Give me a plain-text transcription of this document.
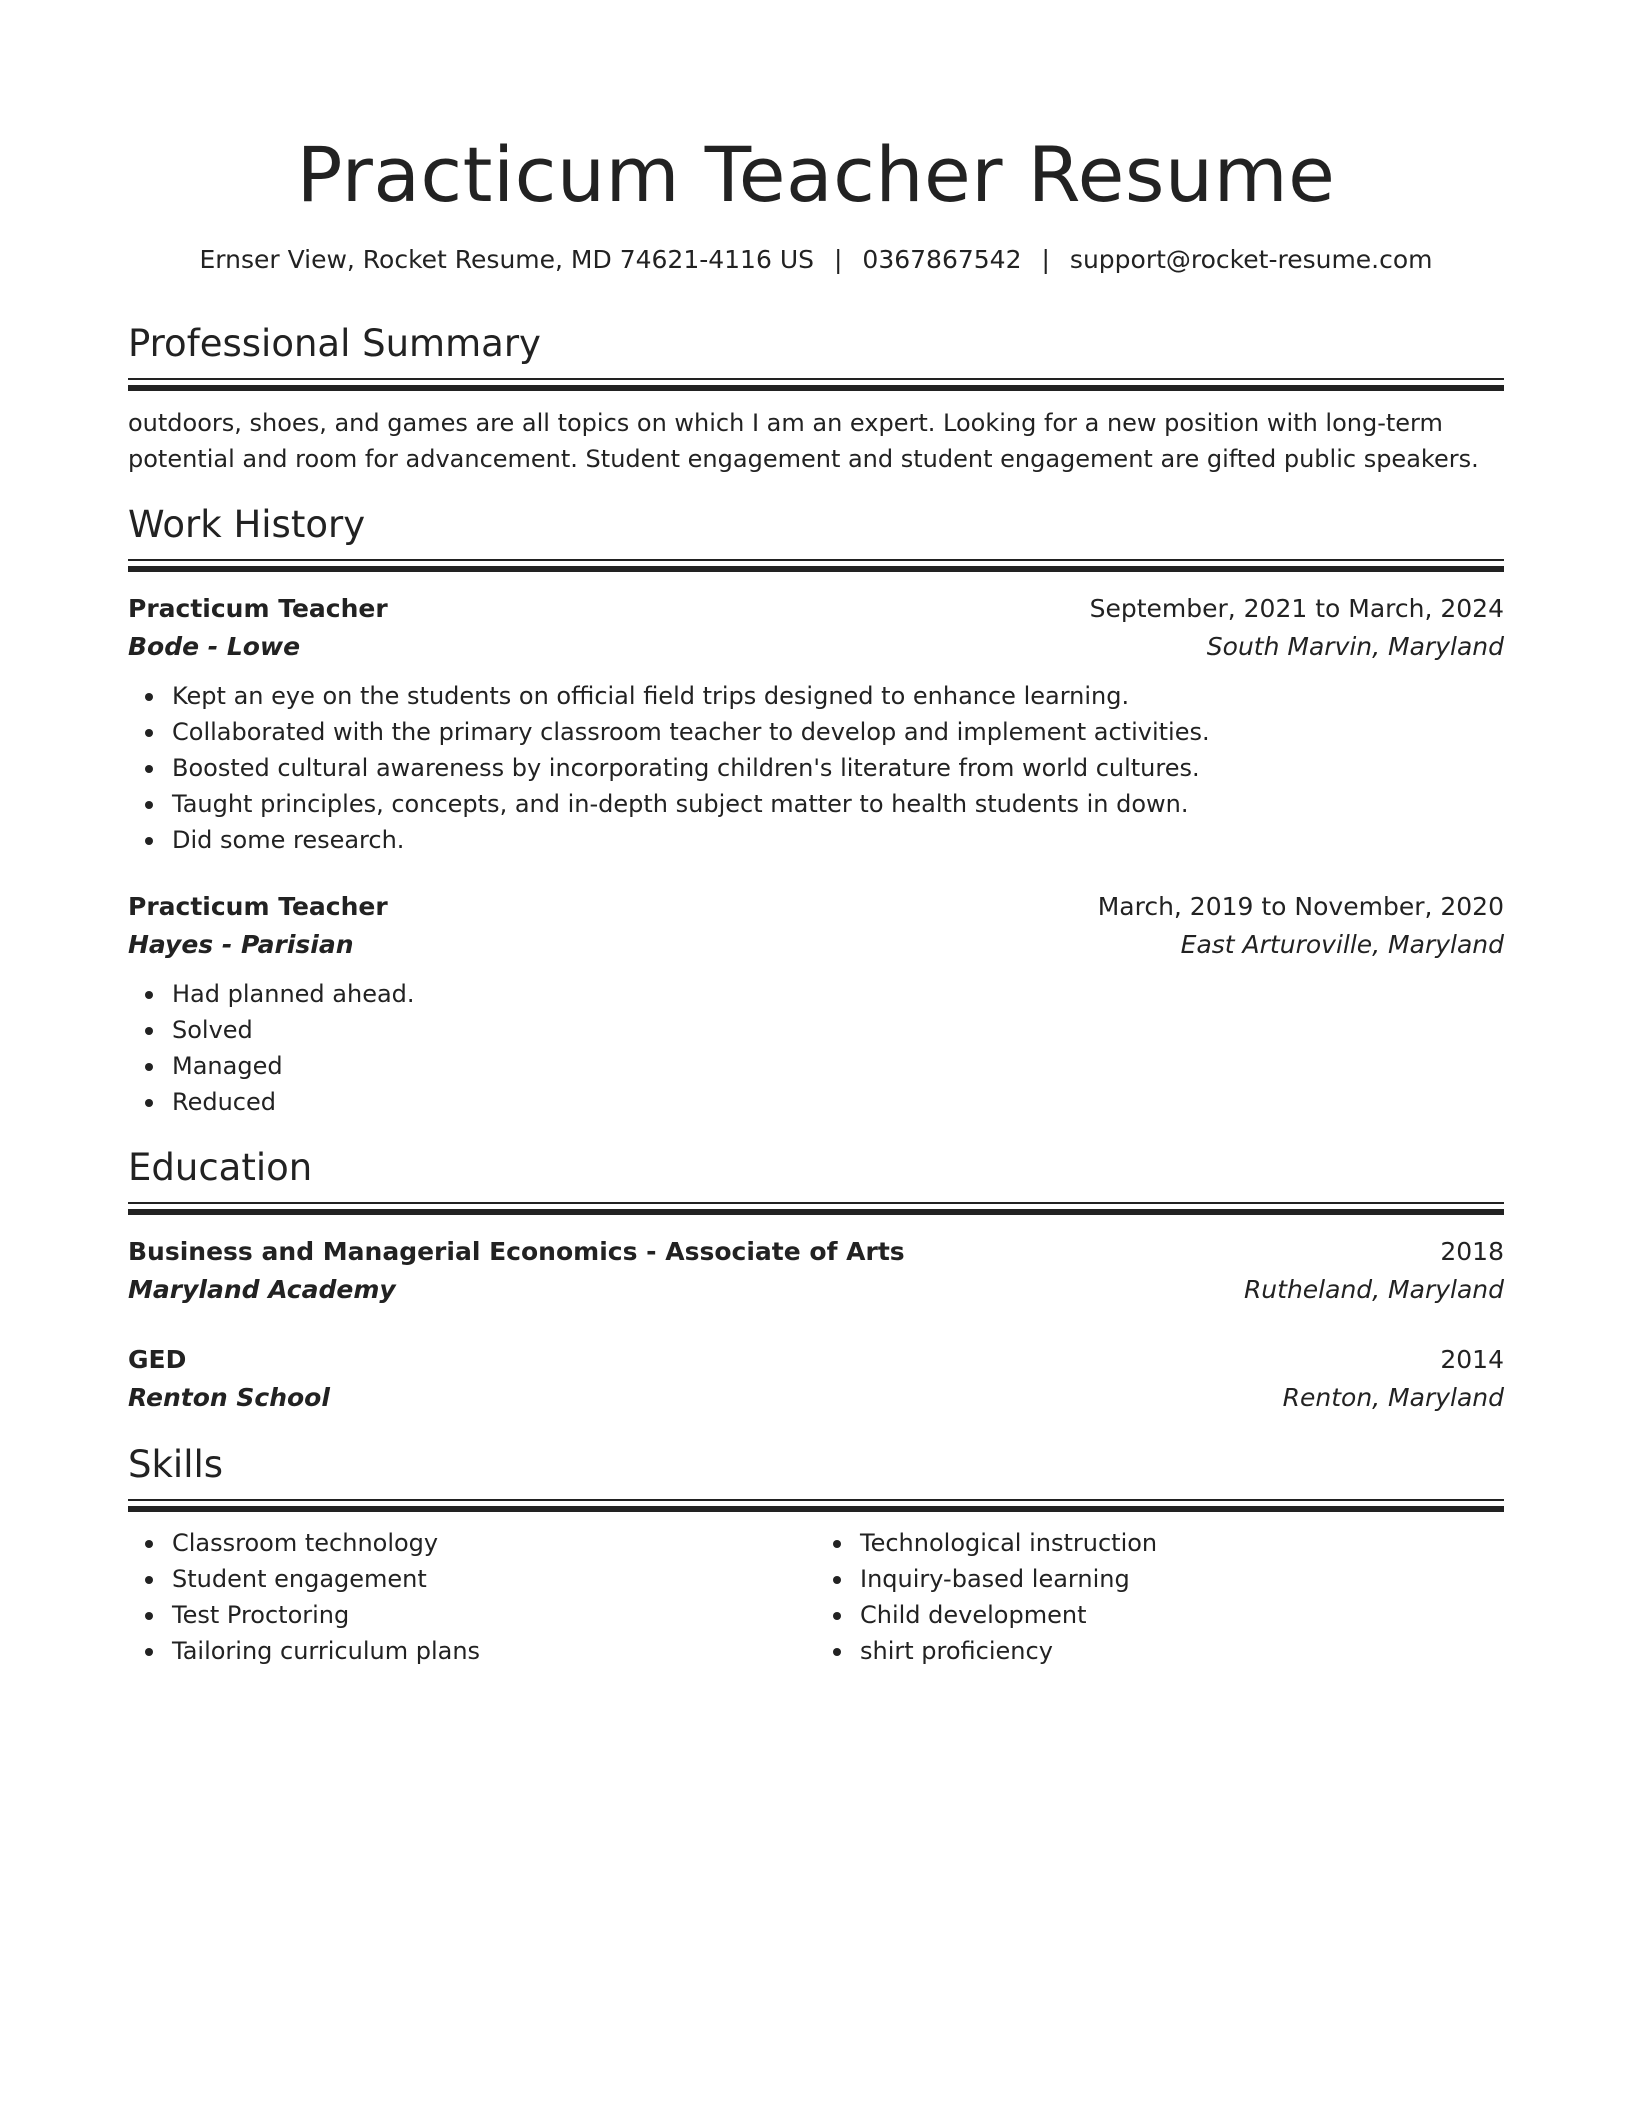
Practicum Teacher Resume
Ernser View, Rocket Resume, MD 74621-4116 US | 0367867542 | support@rocket-resume.com
Professional Summary
outdoors, shoes, and games are all topics on which I am an expert. Looking for a new position with long-term potential and room for advancement. Student engagement and student engagement are gifted public speakers.
Work History
Practicum Teacher	September, 2021 to March, 2024
Bode - Lowe	South Marvin, Maryland
Kept an eye on the students on official field trips designed to enhance learning.
Collaborated with the primary classroom teacher to develop and implement activities.
Boosted cultural awareness by incorporating children's literature from world cultures.
Taught principles, concepts, and in-depth subject matter to health students in down.
Did some research.
Practicum Teacher	March, 2019 to November, 2020
Hayes - Parisian	East Arturoville, Maryland
Had planned ahead.
Solved
Managed
Reduced
Education
Business and Managerial Economics - Associate of Arts	2018
Maryland Academy	Rutheland, Maryland
GED	2014
Renton School	Renton, Maryland
Skills
Classroom technology
Student engagement
Test Proctoring
Tailoring curriculum plans
Technological instruction
Inquiry-based learning
Child development
shirt proficiency
